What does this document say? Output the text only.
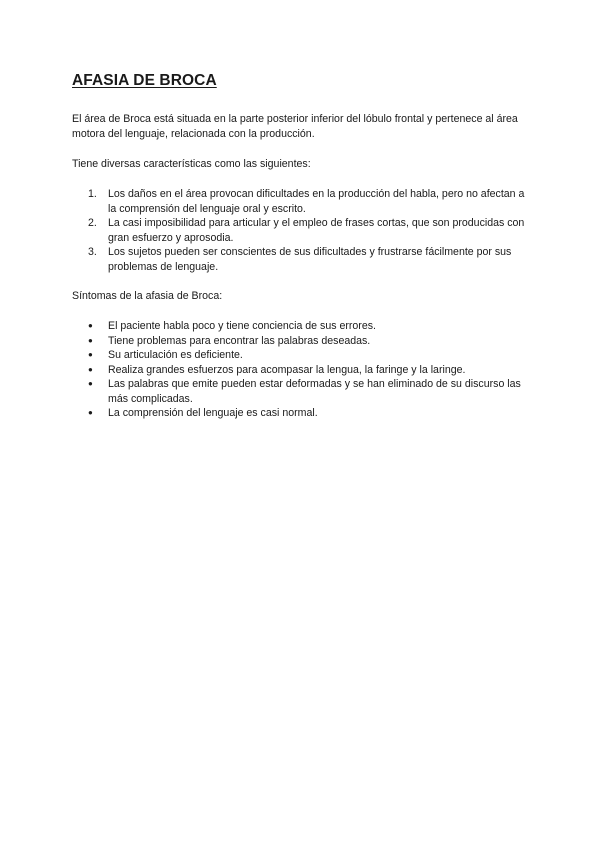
AFASIA DE BROCA

El área de Broca está situada en la parte posterior inferior del lóbulo frontal y pertenece al área motora del lenguaje, relacionada con la producción.

Tiene diversas características como las siguientes:

1.	Los daños en el área provocan dificultades en la producción del habla, pero no afectan a la comprensión del lenguaje oral y escrito.
2.	La casi imposibilidad para articular y el empleo de frases cortas, que son producidas con gran esfuerzo y aprosodia.
3.	Los sujetos pueden ser conscientes de sus dificultades y frustrarse fácilmente por sus problemas de lenguaje.

Síntomas de la afasia de Broca:

● El paciente habla poco y tiene conciencia de sus errores.
● Tiene problemas para encontrar las palabras deseadas.
● Su articulación es deficiente.
● Realiza grandes esfuerzos para acompasar la lengua, la faringe y la laringe.
● Las palabras que emite pueden estar deformadas y se han eliminado de su discurso las más complicadas.
● La comprensión del lenguaje es casi normal.
